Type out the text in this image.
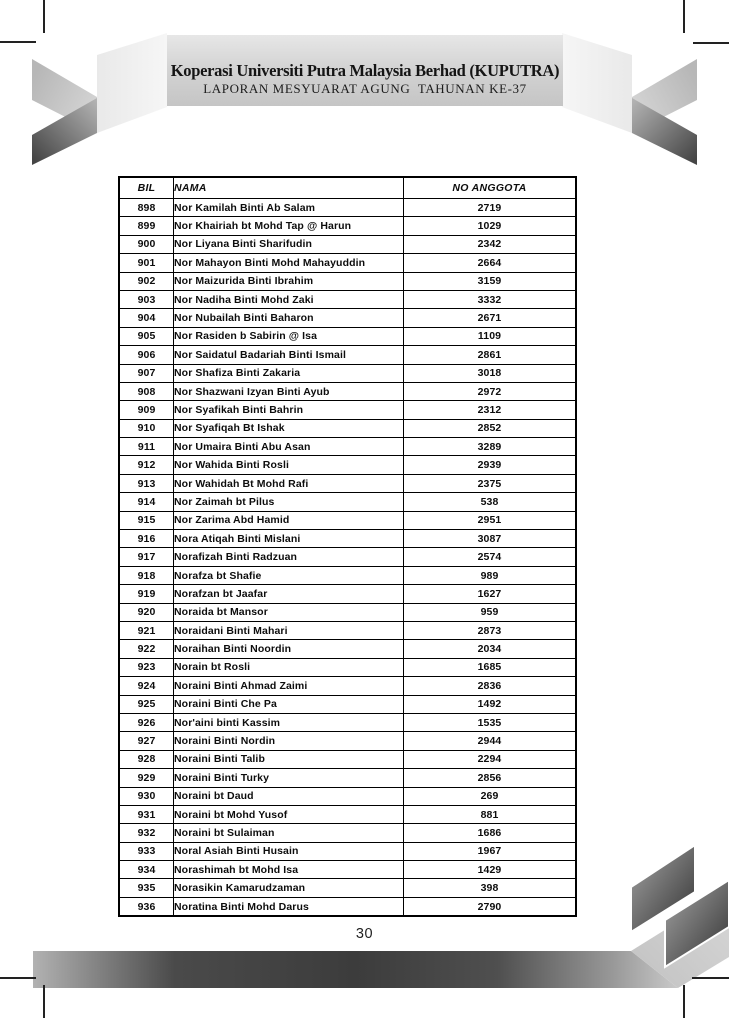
Koperasi Universiti Putra Malaysia Berhad (KUPUTRA)
LAPORAN MESYUARAT AGUNG  TAHUNAN KE-37
BIL	NAMA	NO ANGGOTA
898	Nor Kamilah Binti Ab Salam	2719
899	Nor Khairiah bt Mohd Tap @ Harun	1029
900	Nor Liyana Binti Sharifudin	2342
901	Nor Mahayon Binti Mohd Mahayuddin	2664
902	Nor Maizurida Binti Ibrahim	3159
903	Nor Nadiha Binti Mohd Zaki	3332
904	Nor Nubailah Binti Baharon	2671
905	Nor Rasiden b Sabirin @ Isa	1109
906	Nor Saidatul Badariah Binti Ismail	2861
907	Nor Shafiza Binti Zakaria	3018
908	Nor Shazwani Izyan Binti Ayub	2972
909	Nor Syafikah Binti Bahrin	2312
910	Nor Syafiqah Bt Ishak	2852
911	Nor Umaira Binti Abu Asan	3289
912	Nor Wahida Binti Rosli	2939
913	Nor Wahidah Bt Mohd Rafi	2375
914	Nor Zaimah bt Pilus	538
915	Nor Zarima Abd Hamid	2951
916	Nora Atiqah Binti Mislani	3087
917	Norafizah Binti Radzuan	2574
918	Norafza bt Shafie	989
919	Norafzan bt Jaafar	1627
920	Noraida bt Mansor	959
921	Noraidani Binti Mahari	2873
922	Noraihan Binti Noordin	2034
923	Norain bt Rosli	1685
924	Noraini Binti Ahmad Zaimi	2836
925	Noraini Binti Che Pa	1492
926	Nor'aini binti Kassim	1535
927	Noraini Binti Nordin	2944
928	Noraini Binti Talib	2294
929	Noraini Binti Turky	2856
930	Noraini bt Daud	269
931	Noraini bt Mohd Yusof	881
932	Noraini bt Sulaiman	1686
933	Noral Asiah Binti Husain	1967
934	Norashimah bt Mohd Isa	1429
935	Norasikin Kamarudzaman	398
936	Noratina Binti Mohd Darus	2790
30
